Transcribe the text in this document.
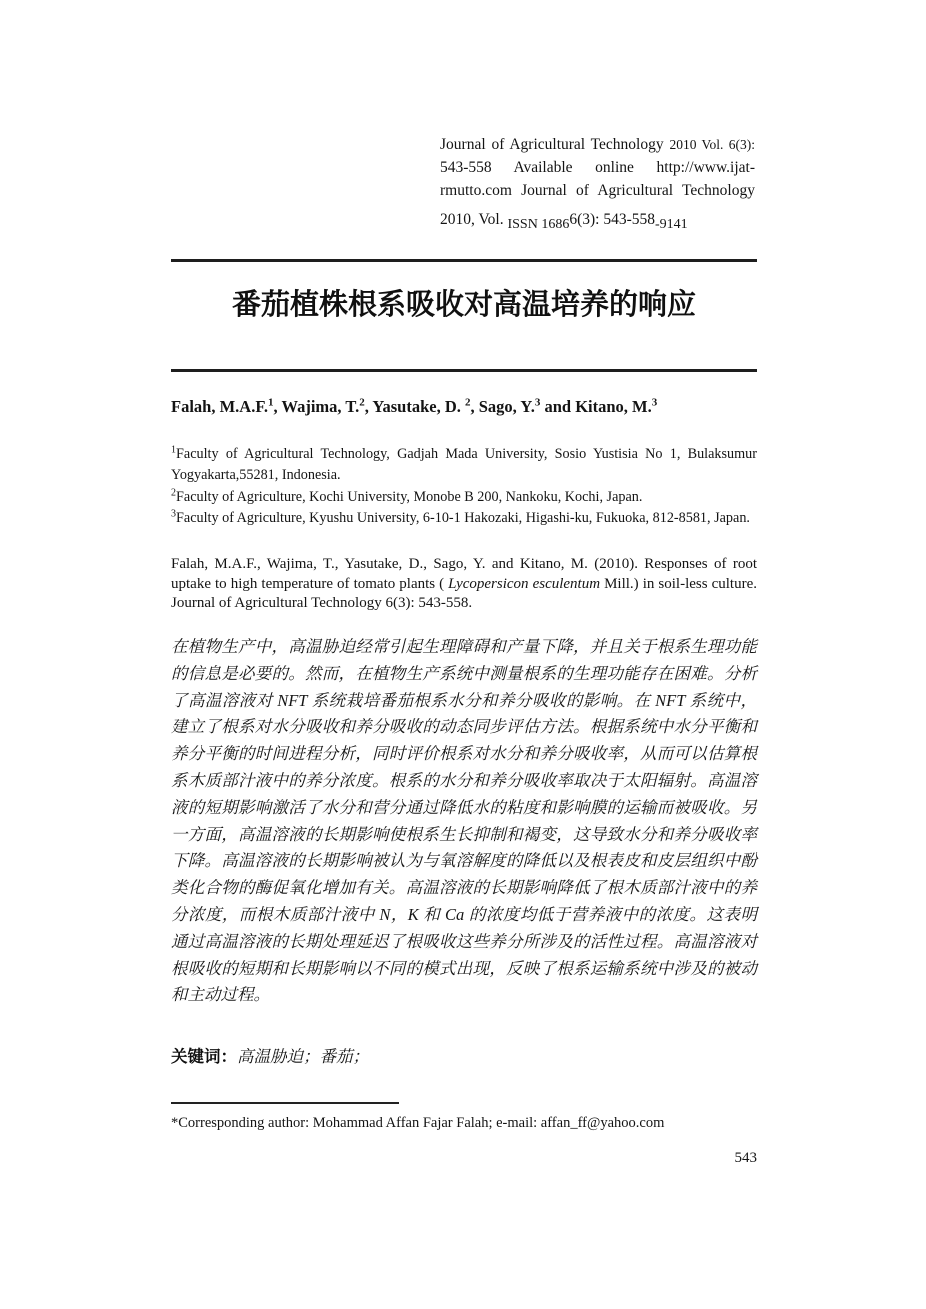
Journal of Agricultural Technology 2010 Vol. 6(3):
543-558 Available online http://www.ijat-
rmutto.com Journal of Agricultural Technology
2010, Vol. ISSN 16866(3): 543-558-9141
番茄植株根系吸收对高温培养的响应
Falah, M.A.F.$^1$, Wajima, T.$^2$, Yasutake, D. $^2$, Sago, Y.$^3$ and Kitano, M.$^3$
$^1$Faculty of Agricultural Technology, Gadjah Mada University, Sosio Yustisia No 1, Bulaksumur Yogyakarta,55281, Indonesia.
$^2$Faculty of Agriculture, Kochi University, Monobe B 200, Nankoku, Kochi, Japan.
$^3$Faculty of Agriculture, Kyushu University, 6-10-1 Hakozaki, Higashi-ku, Fukuoka, 812-8581, Japan.

Falah, M.A.F., Wajima, T., Yasutake, D., Sago, Y. and Kitano, M. (2010). Responses of root uptake to high temperature of tomato plants ( Lycopersicon esculentum Mill.) in soil-less culture. Journal of Agricultural Technology 6(3): 543-558.

在植物生产中，高温胁迫经常引起生理障碍和产量下降，并且关于根系生理功能
的信息是必要的。然而，在植物生产系统中测量根系的生理功能存在困难。分析
了高温溶液对 NFT 系统栽培番茄根系水分和养分吸收的影响。在 NFT 系统中，
建立了根系对水分吸收和养分吸收的动态同步评估方法。根据系统中水分平衡和
养分平衡的时间进程分析，同时评价根系对水分和养分吸收率，从而可以估算根
系木质部汁液中的养分浓度。根系的水分和养分吸收率取决于太阳辐射。高温溶
液的短期影响激活了水分和营分通过降低水的粘度和影响膜的运输而被吸收。另
一方面，高温溶液的长期影响使根系生长抑制和褐变，这导致水分和养分吸收率
下降。高温溶液的长期影响被认为与氧溶解度的降低以及根表皮和皮层组织中酚
类化合物的酶促氧化增加有关。高温溶液的长期影响降低了根木质部汁液中的养
分浓度，而根木质部汁液中 N，K 和 Ca 的浓度均低于营养液中的浓度。这表明
通过高温溶液的长期处理延迟了根吸收这些养分所涉及的活性过程。高温溶液对
根吸收的短期和长期影响以不同的模式出现，反映了根系运输系统中涉及的被动
和主动过程。
关键词：高温胁迫；番茄；
*Corresponding author: Mohammad Affan Fajar Falah; e-mail: affan_ff@yahoo.com
543
